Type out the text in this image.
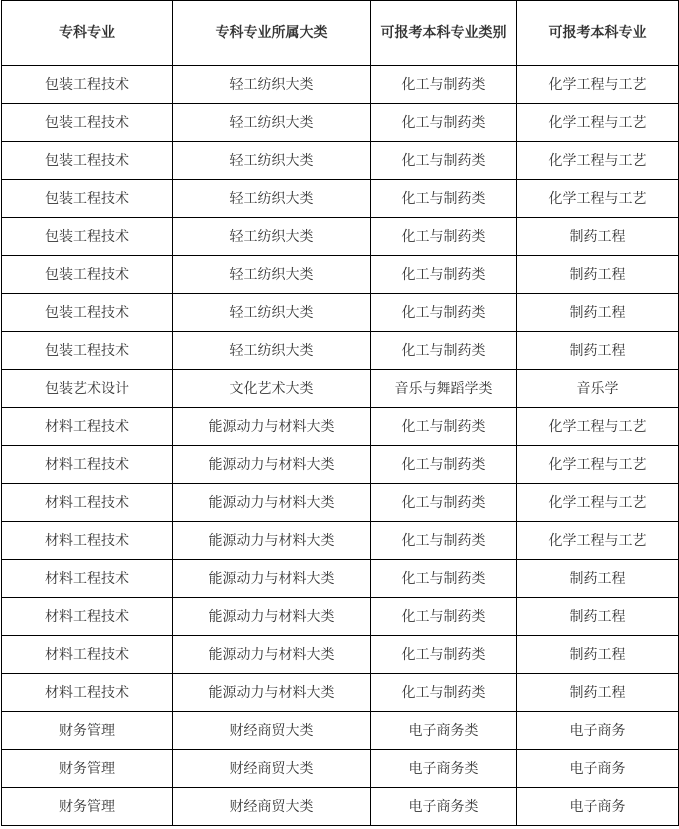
专科专业	专科专业所属大类	可报考本科专业类别	可报考本科专业
包装工程技术	轻工纺织大类	化工与制药类	化学工程与工艺
包装工程技术	轻工纺织大类	化工与制药类	化学工程与工艺
包装工程技术	轻工纺织大类	化工与制药类	化学工程与工艺
包装工程技术	轻工纺织大类	化工与制药类	化学工程与工艺
包装工程技术	轻工纺织大类	化工与制药类	制药工程
包装工程技术	轻工纺织大类	化工与制药类	制药工程
包装工程技术	轻工纺织大类	化工与制药类	制药工程
包装工程技术	轻工纺织大类	化工与制药类	制药工程
包装艺术设计	文化艺术大类	音乐与舞蹈学类	音乐学
材料工程技术	能源动力与材料大类	化工与制药类	化学工程与工艺
材料工程技术	能源动力与材料大类	化工与制药类	化学工程与工艺
材料工程技术	能源动力与材料大类	化工与制药类	化学工程与工艺
材料工程技术	能源动力与材料大类	化工与制药类	化学工程与工艺
材料工程技术	能源动力与材料大类	化工与制药类	制药工程
材料工程技术	能源动力与材料大类	化工与制药类	制药工程
材料工程技术	能源动力与材料大类	化工与制药类	制药工程
材料工程技术	能源动力与材料大类	化工与制药类	制药工程
财务管理	财经商贸大类	电子商务类	电子商务
财务管理	财经商贸大类	电子商务类	电子商务
财务管理	财经商贸大类	电子商务类	电子商务
